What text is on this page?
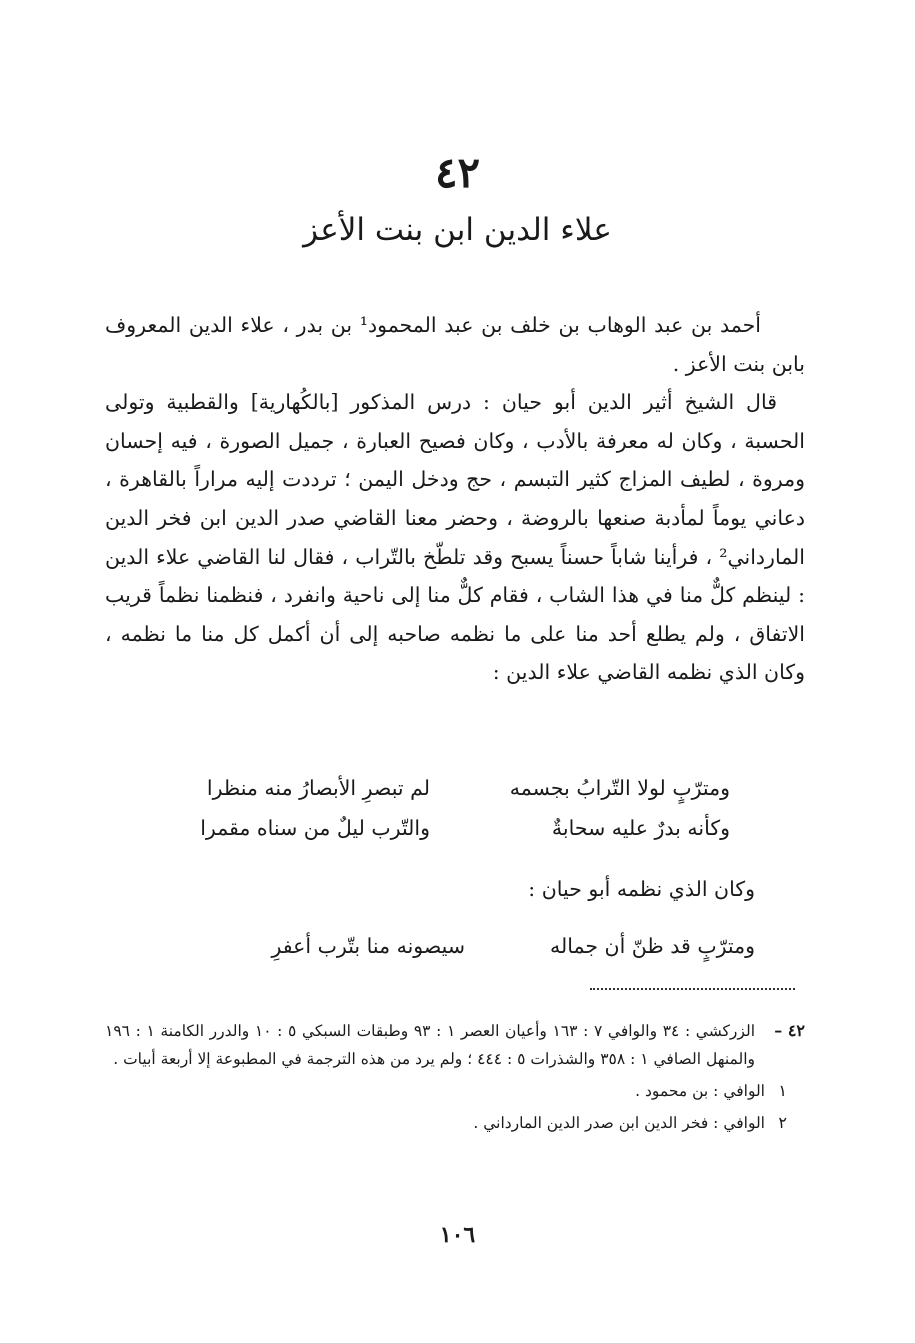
٤٢
علاء الدين ابن بنت الأعز

أحمد بن عبد الوهاب بن خلف بن عبد المحمود¹ بن بدر ، علاء الدين المعروف بابن بنت الأعز .

قال الشيخ أثير الدين أبو حيان : درس المذكور [بالكُهارية] والقطبية وتولى الحسبة ، وكان له معرفة بالأدب ، وكان فصيح العبارة ، جميل الصورة ، فيه إحسان ومروة ، لطيف المزاج كثير التبسم ، حج ودخل اليمن ؛ ترددت إليه مراراً بالقاهرة ، دعاني يوماً لمأدبة صنعها بالروضة ، وحضر معنا القاضي صدر الدين ابن فخر الدين المارداني² ، فرأينا شاباً حسناً يسبح وقد تلطّخ بالتّراب ، فقال لنا القاضي علاء الدين : لينظم كلٌّ منا في هذا الشاب ، فقام كلٌّ منا إلى ناحية وانفرد ، فنظمنا نظماً قريب الاتفاق ، ولم يطلع أحد منا على ما نظمه صاحبه إلى أن أكمل كل منا ما نظمه ، وكان الذي نظمه القاضي علاء الدين :

ومترّبٍ لولا التّرابُ بجسمه
لم تبصرِ الأبصارُ منه منظرا
وكأنه بدرٌ عليه سحابةٌ
والتّرب ليلٌ من سناه مقمرا
وكان الذي نظمه أبو حيان :
ومترّبٍ قد ظنّ أن جماله
سيصونه منا بتّرب أعفرِ
٤٢ –
الزركشي : ٣٤ والوافي ٧ : ١٦٣ وأعيان العصر ١ : ٩٣ وطبقات السبكي ٥ : ١٠ والدرر الكامنة ١ : ١٩٦ والمنهل الصافي ١ : ٣٥٨ والشذرات ٥ : ٤٤٤ ؛ ولم يرد من هذه الترجمة في المطبوعة إلا أربعة أبيات .
١
الوافي : بن محمود .
٢
الوافي : فخر الدين ابن صدر الدين المارداني .
١٠٦
